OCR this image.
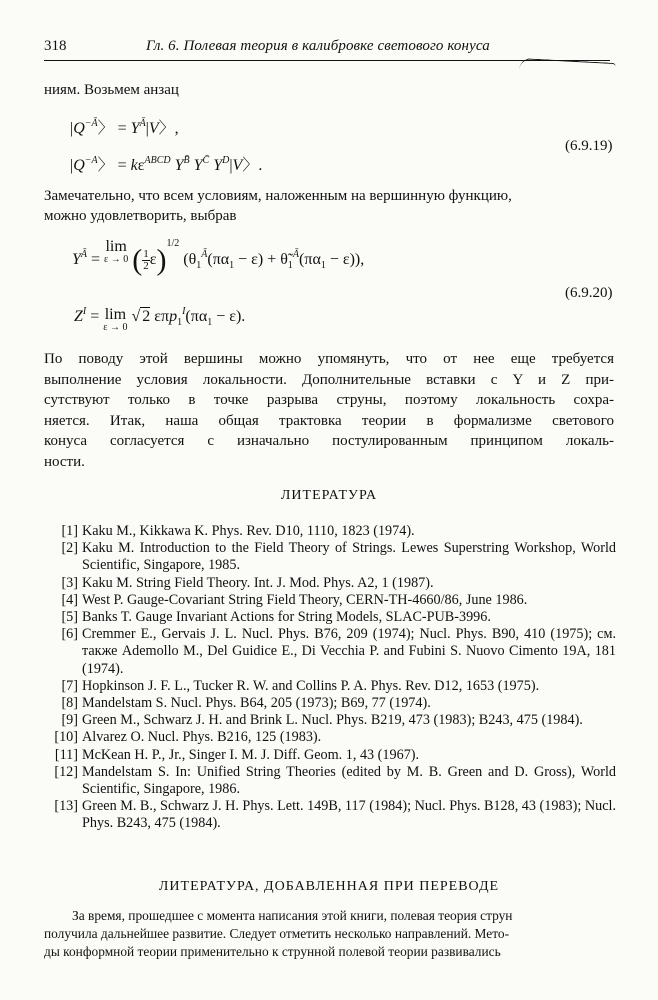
318	Гл. 6. Полевая теория в калибровке светового конуса
ниям. Возьмем анзац
$|Q^{-Ā}$〉 = $Y^Ā|V$〉,
$|Q^{-A}$〉 = $k\varepsilon^{ABCD}$ $Y^{B̄}$ $Y^{C̄}$ $Y^D|V$〉.
(6.9.19)
Замечательно, что всем условиям, наложенным на вершинную функцию,
можно удовлетворить, выбрав
$Y^Ā = \lim$
ε → 0 ( $\frac{1}{2}\varepsilon)^{1/2}$ ($\theta_1^Ā(\pi\alpha_1 - \varepsilon)$ + $\thetã_1^Ā(\pi\alpha_1 - \varepsilon)$),
$Z^I = \lim$
ε → 0
√ 2 $\varepsilon\pi p_1^I(\pi\alpha_1 - \varepsilon)$.
(6.9.20)
По поводу этой вершины можно упомянуть, что от нее еще требуется
выполнение условия локальности. Дополнительные вставки с Y и Z при-
сутствуют только в точке разрыва струны, поэтому локальность сохра-
няется. Итак, наша общая трактовка теории в формализме светового
конуса согласуется с изначально постулированным принципом локаль-
ности.
ЛИТЕРАТУРА
[1] Kaku M., Kikkawa K. Phys. Rev. D10, 1110, 1823 (1974).
[2] Kaku M. Introduction to the Field Theory of Strings. Lewes Superstring Workshop, World Scientific, Singapore, 1985.
[3] Kaku M. String Field Theory. Int. J. Mod. Phys. A2, 1 (1987).
[4] West P. Gauge-Covariant String Field Theory, CERN-TH-4660/86, June 1986.
[5] Banks T. Gauge Invariant Actions for String Models, SLAC-PUB-3996.
[6] Cremmer E., Gervais J. L. Nucl. Phys. B76, 209 (1974); Nucl. Phys. B90, 410 (1975); см. также Ademollo M., Del Guidice E., Di Vecchia P. and Fubini S. Nuovo Cimento 19A, 181 (1974).
[7] Hopkinson J. F. L., Tucker R. W. and Collins P. A. Phys. Rev. D12, 1653 (1975).
[8] Mandelstam S. Nucl. Phys. B64, 205 (1973); B69, 77 (1974).
[9] Green M., Schwarz J. H. and Brink L. Nucl. Phys. B219, 473 (1983); B243, 475 (1984).
[10] Alvarez O. Nucl. Phys. B216, 125 (1983).
[11] McKean H. P., Jr., Singer I. M. J. Diff. Geom. 1, 43 (1967).
[12] Mandelstam S. In: Unified String Theories (edited by M. B. Green and D. Gross), World Scientific, Singapore, 1986.
[13] Green M. B., Schwarz J. H. Phys. Lett. 149B, 117 (1984); Nucl. Phys. B128, 43 (1983); Nucl. Phys. B243, 475 (1984).
ЛИТЕРАТУРА, ДОБАВЛЕННАЯ ПРИ ПЕРЕВОДЕ
За время, прошедшее с момента написания этой книги, полевая теория струн
получила дальнейшее развитие. Следует отметить несколько направлений. Мето-
ды конформной теории применительно к струнной полевой теории развивались
